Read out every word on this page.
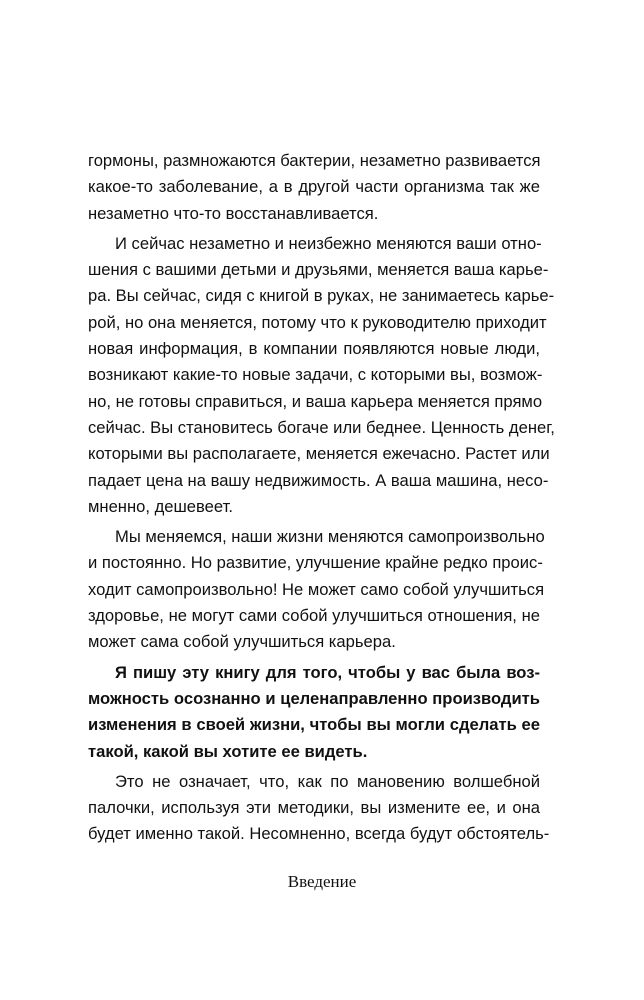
гормоны, размножаются бактерии, незаметно развивается
какое-то заболевание, а в другой части организма так же
незаметно что-то восстанавливается.
И сейчас незаметно и неизбежно меняются ваши отно-
шения с вашими детьми и друзьями, меняется ваша карье-
ра. Вы сейчас, сидя с книгой в руках, не занимаетесь карье-
рой, но она меняется, потому что к руководителю приходит
новая информация, в компании появляются новые люди,
возникают какие-то новые задачи, с которыми вы, возмож-
но, не готовы справиться, и ваша карьера меняется прямо
сейчас. Вы становитесь богаче или беднее. Ценность денег,
которыми вы располагаете, меняется ежечасно. Растет или
падает цена на вашу недвижимость. А ваша машина, несо-
мненно, дешевеет.
Мы меняемся, наши жизни меняются самопроизвольно
и постоянно. Но развитие, улучшение крайне редко проис-
ходит самопроизвольно! Не может само собой улучшиться
здоровье, не могут сами собой улучшиться отношения, не
может сама собой улучшиться карьера.
Я пишу эту книгу для того, чтобы у вас была воз-
можность осознанно и целенаправленно производить
изменения в своей жизни, чтобы вы могли сделать ее
такой, какой вы хотите ее видеть.
Это не означает, что, как по мановению волшебной
палочки, используя эти методики, вы измените ее, и она
будет именно такой. Несомненно, всегда будут обстоятель-
Введение
